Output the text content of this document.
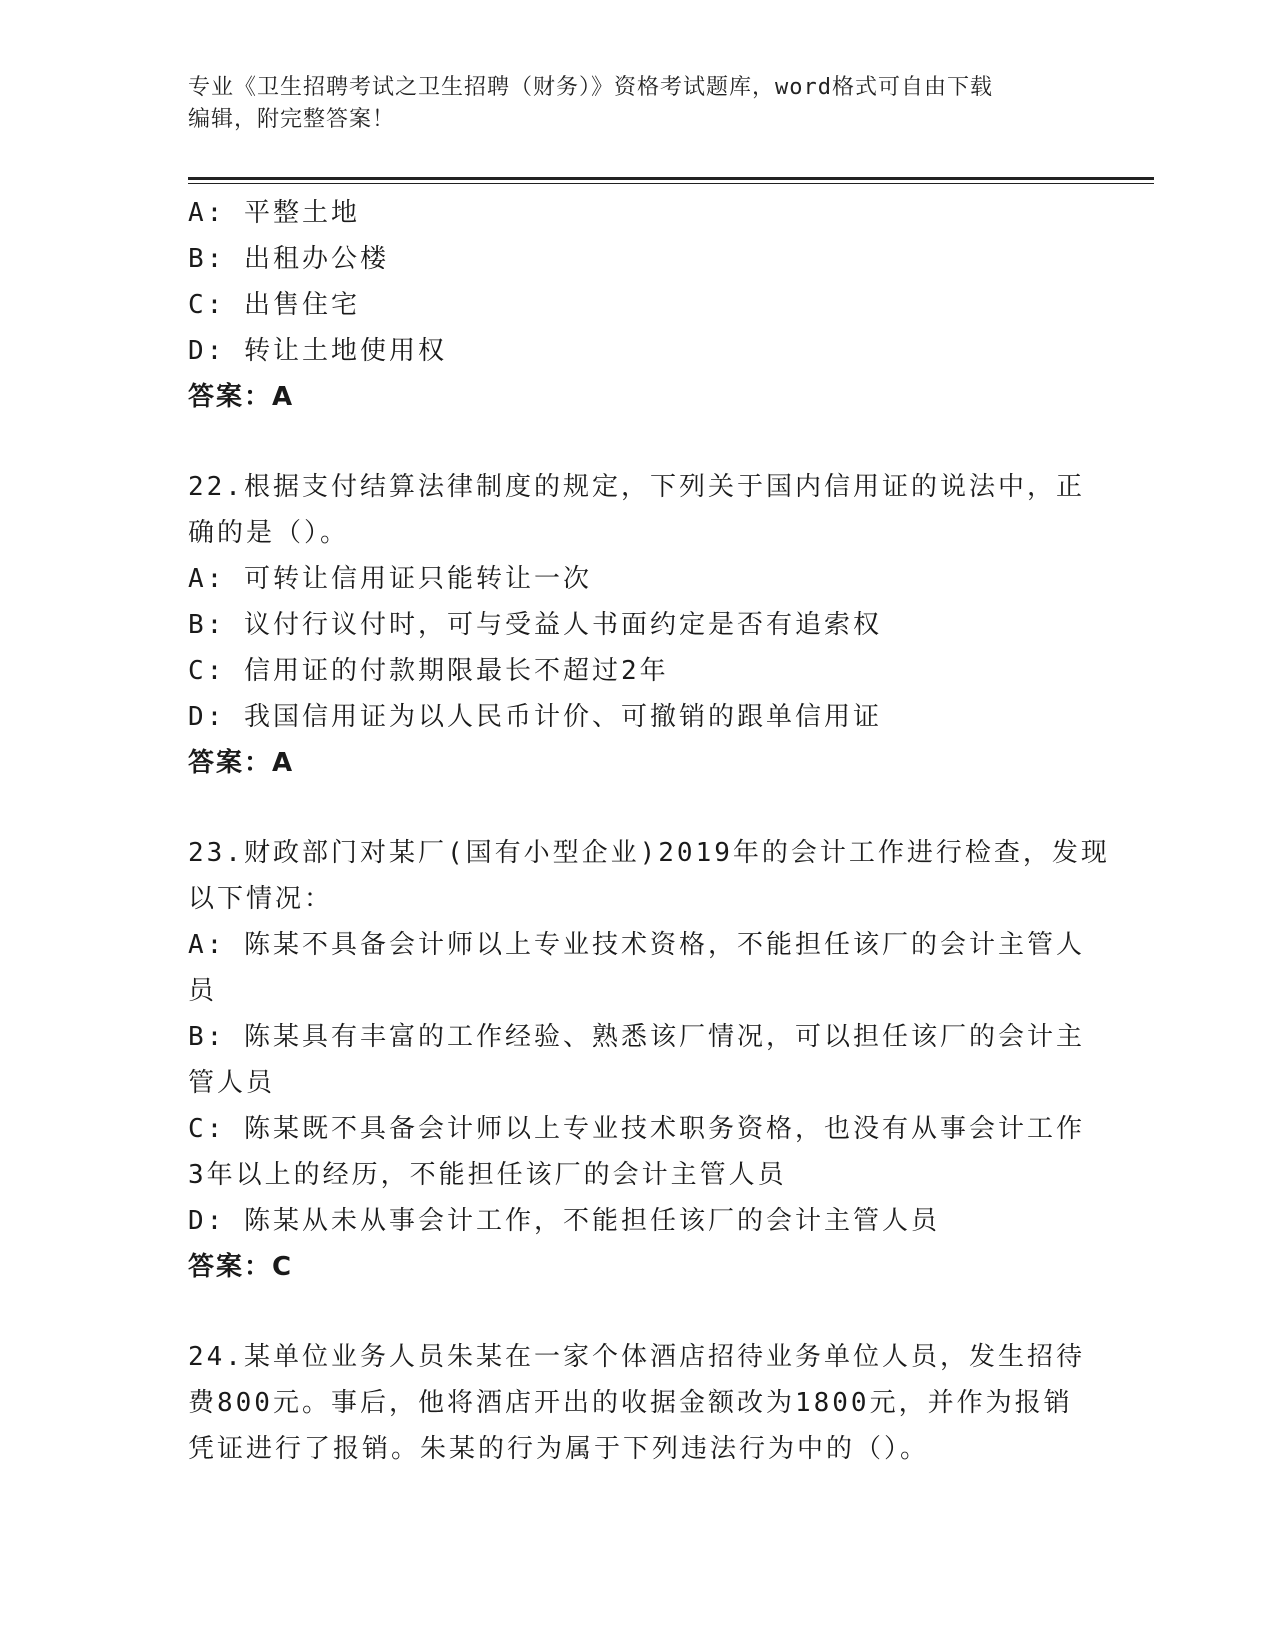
专业《卫生招聘考试之卫生招聘（财务）》资格考试题库，word格式可自由下载
编辑，附完整答案！
A: 平整土地
B: 出租办公楼
C: 出售住宅
D: 转让土地使用权
答案：A
22.根据支付结算法律制度的规定，下列关于国内信用证的说法中，正
确的是（）。
A: 可转让信用证只能转让一次
B: 议付行议付时，可与受益人书面约定是否有追索权
C: 信用证的付款期限最长不超过2年
D: 我国信用证为以人民币计价、可撤销的跟单信用证
答案：A
23.财政部门对某厂(国有小型企业)2019年的会计工作进行检查，发现
以下情况：
A: 陈某不具备会计师以上专业技术资格，不能担任该厂的会计主管人
员
B: 陈某具有丰富的工作经验、熟悉该厂情况，可以担任该厂的会计主
管人员
C: 陈某既不具备会计师以上专业技术职务资格，也没有从事会计工作
3年以上的经历，不能担任该厂的会计主管人员
D: 陈某从未从事会计工作，不能担任该厂的会计主管人员
答案：C
24.某单位业务人员朱某在一家个体酒店招待业务单位人员，发生招待
费800元。事后，他将酒店开出的收据金额改为1800元，并作为报销
凭证进行了报销。朱某的行为属于下列违法行为中的（）。
